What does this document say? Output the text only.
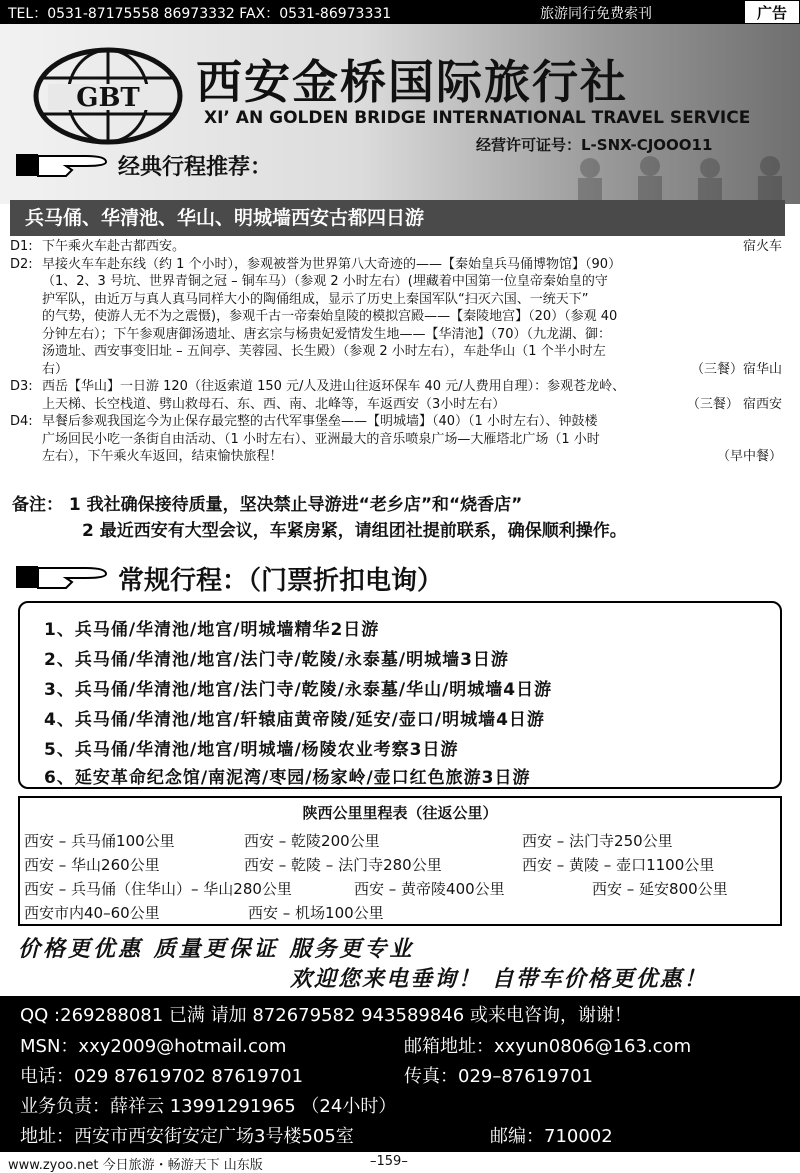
TEL：0531-87175558 86973332 FAX：0531-86973331	旅游同行免费索刊	广告
GBT 西安金桥国际旅行社
XI’ AN GOLDEN BRIDGE INTERNATIONAL TRAVEL SERVICE
经营许可证号：L-SNX-CJOOO11
经典行程推荐：
兵马俑、华清池、华山、明城墙西安古都四日游
D1: 下午乘火车赴古都西安。	宿火车
D2: 早接火车车赴东线（约 1 个小时），参观被誉为世界第八大奇迹的——【秦始皇兵马俑博物馆】（90）
（1、2、3 号坑、世界青铜之冠 – 铜车马）（参观 2 小时左右）(埋藏着中国第一位皇帝秦始皇的守
护军队，由近万与真人真马同样大小的陶俑组成，显示了历史上秦国军队“扫灭六国、一统天下”
的气势，使游人无不为之震慑)，参观千古一帝秦始皇陵的模拟宫殿——【秦陵地宫】（20）（参观 40
分钟左右）；下午参观唐御汤遗址、唐玄宗与杨贵妃爱情发生地——【华清池】（70）（九龙湖、御：
汤遗址、西安事变旧址 – 五间亭、芙蓉园、长生殿）（参观 2 小时左右），车赴华山（1 个半小时左
右）	（三餐）宿华山
D3: 西岳【华山】一日游 120（往返索道 150 元/人及进山往返环保车 40 元/人费用自理）：参观苍龙岭、
上天梯、长空栈道、劈山救母石、东、西、南、北峰等，车返西安（3小时左右）	（三餐） 宿西安
D4: 早餐后参观我国迄今为止保存最完整的古代军事堡垒——【明城墙】（40）（1 小时左右）、钟鼓楼
广场回民小吃一条街自由活动、（1 小时左右）、亚洲最大的音乐喷泉广场—大雁塔北广场（1 小时
左右），下午乘火车返回，结束愉快旅程！	（早中餐）
备注： 1 我社确保接待质量，坚决禁止导游进“老乡店”和“烧香店”
2 最近西安有大型会议，车紧房紧，请组团社提前联系，确保顺利操作。
常规行程：（门票折扣电询）
1、兵马俑/华清池/地宫/明城墙精华2日游
2、兵马俑/华清池/地宫/法门寺/乾陵/永泰墓/明城墙3日游
3、兵马俑/华清池/地宫/法门寺/乾陵/永泰墓/华山/明城墙4日游
4、兵马俑/华清池/地宫/轩辕庙黄帝陵/延安/壶口/明城墙4日游
5、兵马俑/华清池/地宫/明城墙/杨陵农业考察3日游
6、延安革命纪念馆/南泥湾/枣园/杨家岭/壶口红色旅游3日游
陕西公里里程表（往返公里）
西安 – 兵马俑100公里	西安 – 乾陵200公里	西安 – 法门寺250公里
西安 – 华山260公里	西安 – 乾陵 – 法门寺280公里	西安 – 黄陵 – 壶口1100公里
西安 – 兵马俑（住华山）– 华山280公里	西安 – 黄帝陵400公里	西安 – 延安800公里
西安市内40–60公里	西安 – 机场100公里
价格更优惠 质量更保证 服务更专业
欢迎您来电垂询！ 自带车价格更优惠！
QQ :269288081 已满 请加 872679582 943589846 或来电咨询，谢谢！
MSN：xxy2009@hotmail.com	邮箱地址：xxyun0806@163.com
电话：029 87619702 87619701	传真：029–87619701
业务负责：薛祥云 13991291965 （24小时）
地址：西安市西安街安定广场3号楼505室	邮编：710002
www.zyoo.net 今日旅游・畅游天下 山东版	–159–
